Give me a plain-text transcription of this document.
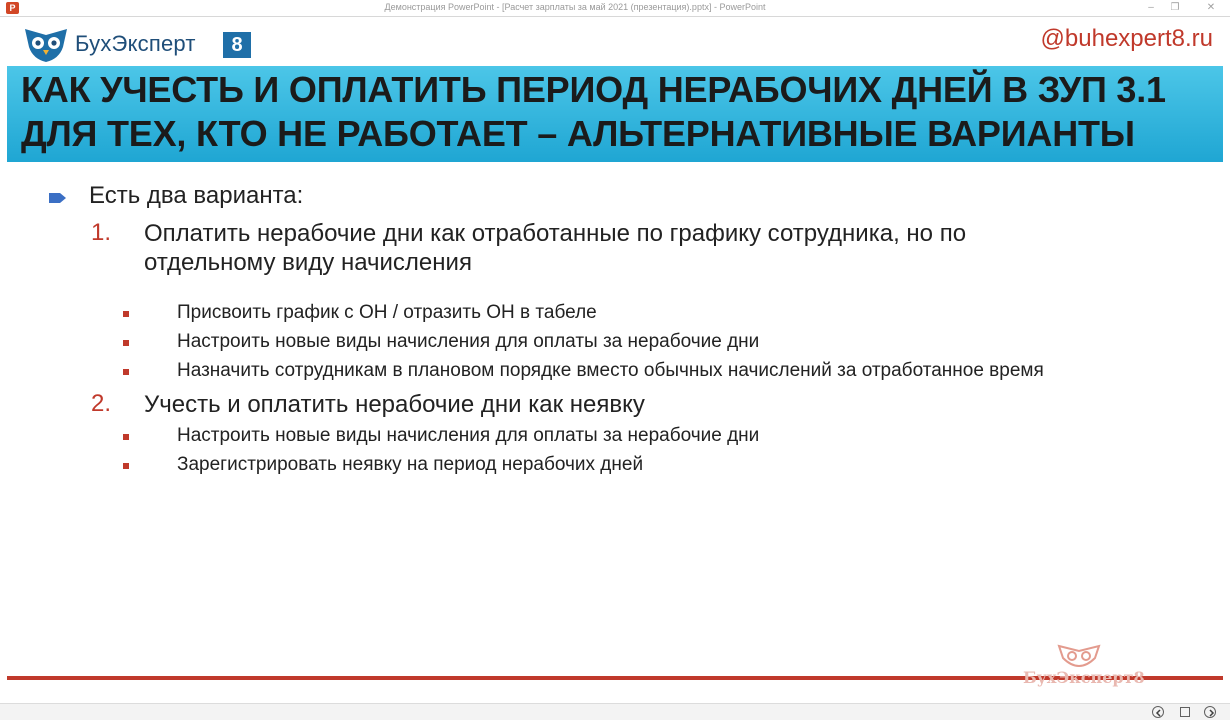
P	Демонстрация PowerPoint - [Расчет зарплаты за май 2021 (презентация).pptx] - PowerPoint	–	❐	✕
БухЭксперт	8	@buhexpert8.ru
КАК УЧЕСТЬ И ОПЛАТИТЬ ПЕРИОД НЕРАБОЧИХ ДНЕЙ В ЗУП 3.1
ДЛЯ ТЕХ, КТО НЕ РАБОТАЕТ – АЛЬТЕРНАТИВНЫЕ ВАРИАНТЫ
Есть два варианта:
1. Оплатить нерабочие дни как отработанные по графику сотрудника, но по
отдельному виду начисления
Присвоить график с ОН / отразить ОН в табеле
Настроить новые виды начисления для оплаты за нерабочие дни
Назначить сотрудникам в плановом порядке вместо обычных начислений за отработанное время
2. Учесть и оплатить нерабочие дни как неявку
Настроить новые виды начисления для оплаты за нерабочие дни
Зарегистрировать неявку на период нерабочих дней
БухЭксперт8
